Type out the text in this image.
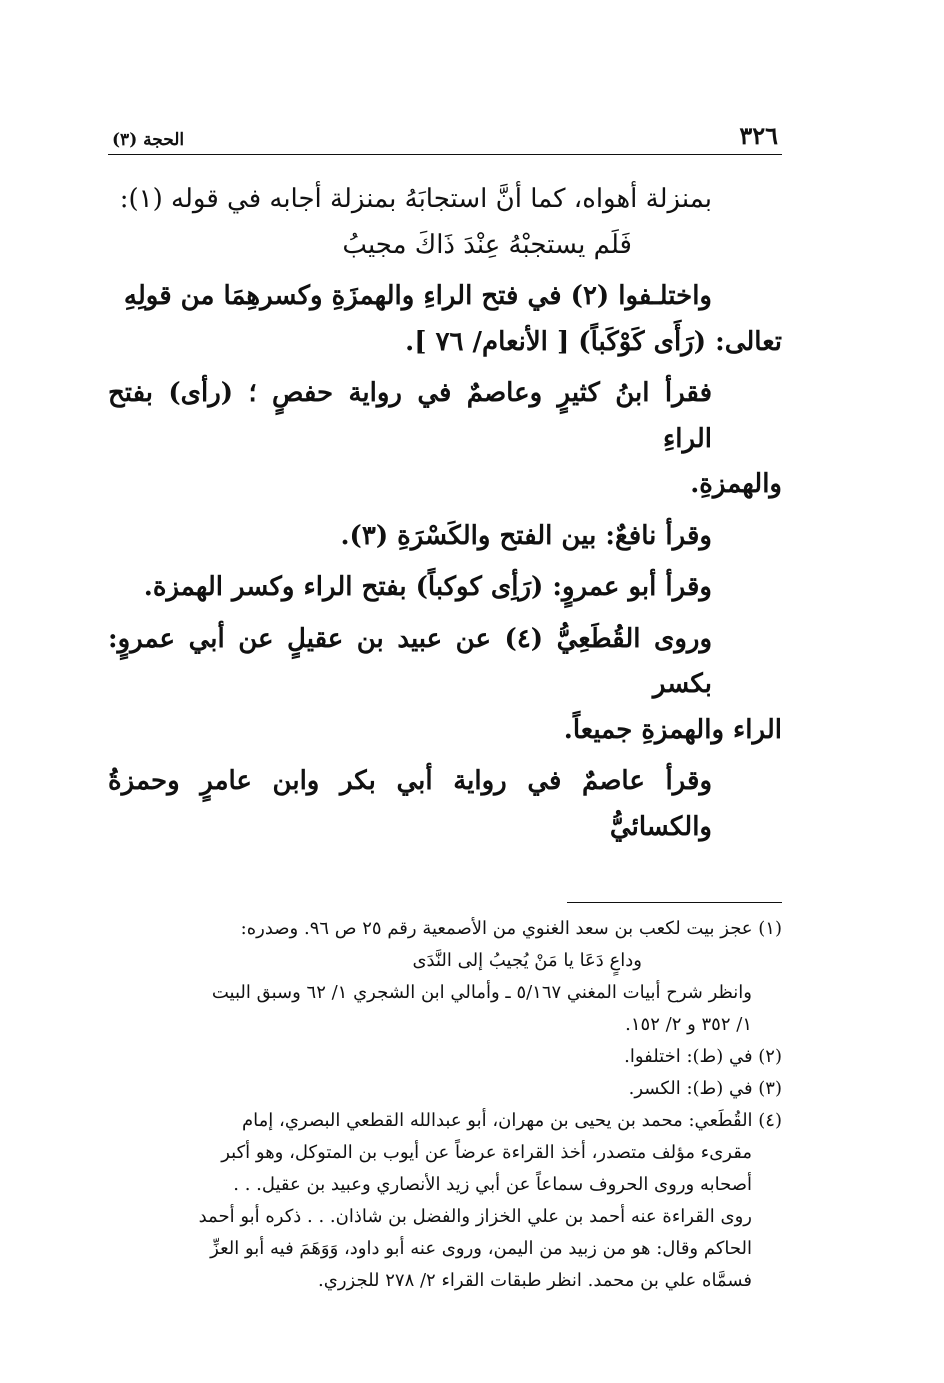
٣٢٦
الحجة (٣)

بمنزلة أهواه، كما أنَّ استجابَهُ بمنزلة أجابه في قوله (١):
فَلَم يستجبْهُ عِنْدَ ذَاكَ مجيبُ

واختلـفوا (٢) في فتح الراءِ والهمزَةِ وكسرهِمَا من قولِهِ
تعالى: (رَأَى كَوْكَباً) [ الأنعام/ ٧٦ ].

فقرأ ابنُ كثيرٍ وعاصمٌ في رواية حفصٍ ؛ (رأى) بفتح الراءِ
والهمزةِ.

وقرأ نافعٌ: بين الفتح والكَسْرَةِ (٣).

وقرأ أبو عمروٍ: (رَأِى كوكباً) بفتح الراء وكسر الهمزة.

وروى القُطَعِيُّ (٤) عن عبيد بن عقيلٍ عن أبي عمروٍ: بكسر
الراء والهمزةِ جميعاً.

وقرأ عاصمٌ في رواية أبي بكر وابن عامرٍ وحمزةُ والكسائيُّ

(١) عجز بيت لكعب بن سعد الغنوي من الأصمعية رقم ٢٥ ص ٩٦. وصدره:
وداعٍ دَعَا يا مَنْ يُجيبُ إلى النَّدَى
وانظر شرح أبيات المغني ٥/١٦٧ ـ وأمالي ابن الشجري ١/ ٦٢ وسبق البيت
١/ ٣٥٢ و ٢/ ١٥٢.
(٢) في (ط): اختلفوا.
(٣) في (ط): الكسر.
(٤) القُطَعي: محمد بن يحيى بن مهران، أبو عبدالله القطعي البصري، إمام
مقرىء مؤلف متصدر، أخذ القراءة عرضاً عن أيوب بن المتوكل، وهو أكبر
أصحابه وروى الحروف سماعاً عن أبي زيد الأنصاري وعبيد بن عقيل. . .
روى القراءة عنه أحمد بن علي الخزاز والفضل بن شاذان. . . ذكره أبو أحمد
الحاكم وقال: هو من زبيد من اليمن، وروى عنه أبو داود، وَوَهَمَ فيه أبو العزِّ
فسمَّاه علي بن محمد. انظر طبقات القراء ٢/ ٢٧٨ للجزري.
